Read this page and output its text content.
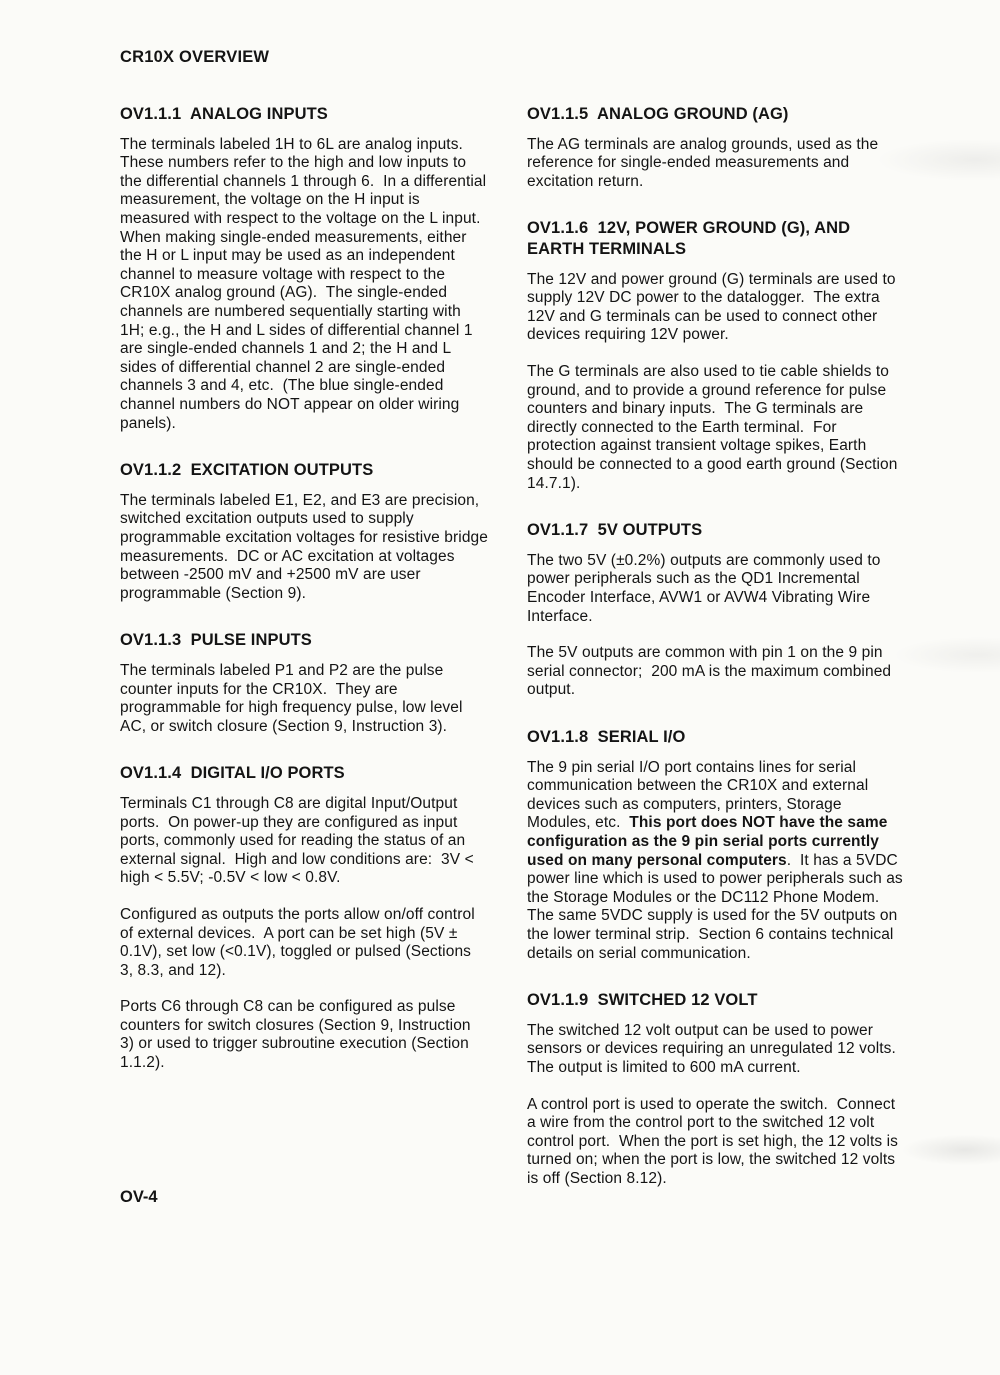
CR10X OVERVIEW
OV1.1.1  ANALOG INPUTS

The terminals labeled 1H to 6L are analog inputs.  These numbers refer to the high and low inputs to the differential channels 1 through 6.  In a differential measurement, the voltage on the H input is measured with respect to the voltage on the L input.  When making single-ended measurements, either the H or L input may be used as an independent channel to measure voltage with respect to the CR10X analog ground (AG).  The single-ended channels are numbered sequentially starting with 1H; e.g., the H and L sides of differential channel 1 are single-ended channels 1 and 2; the H and L sides of differential channel 2 are single-ended channels 3 and 4, etc.  (The blue single-ended channel numbers do NOT appear on older wiring panels).

OV1.1.2  EXCITATION OUTPUTS

The terminals labeled E1, E2, and E3 are precision, switched excitation outputs used to supply programmable excitation voltages for resistive bridge measurements.  DC or AC excitation at voltages between -2500 mV and +2500 mV are user programmable (Section 9).

OV1.1.3  PULSE INPUTS

The terminals labeled P1 and P2 are the pulse counter inputs for the CR10X.  They are programmable for high frequency pulse, low level AC, or switch closure (Section 9, Instruction 3).

OV1.1.4  DIGITAL I/O PORTS

Terminals C1 through C8 are digital Input/Output ports.  On power-up they are configured as input ports, commonly used for reading the status of an external signal.  High and low conditions are:  3V < high < 5.5V; -0.5V < low < 0.8V.

Configured as outputs the ports allow on/off control of external devices.  A port can be set high (5V ± 0.1V), set low (<0.1V), toggled or pulsed (Sections 3, 8.3, and 12).

Ports C6 through C8 can be configured as pulse counters for switch closures (Section 9, Instruction 3) or used to trigger subroutine execution (Section 1.1.2).

OV1.1.5  ANALOG GROUND (AG)

The AG terminals are analog grounds, used as the reference for single-ended measurements and excitation return.

OV1.1.6  12V, POWER GROUND (G), AND EARTH TERMINALS

The 12V and power ground (G) terminals are used to supply 12V DC power to the datalogger.  The extra 12V and G terminals can be used to connect other devices requiring 12V power.

The G terminals are also used to tie cable shields to ground, and to provide a ground reference for pulse counters and binary inputs.  The G terminals are directly connected to the Earth terminal.  For protection against transient voltage spikes, Earth should be connected to a good earth ground (Section 14.7.1).

OV1.1.7  5V OUTPUTS

The two 5V (±0.2%) outputs are commonly used to power peripherals such as the QD1 Incremental Encoder Interface, AVW1 or AVW4 Vibrating Wire Interface.

The 5V outputs are common with pin 1 on the 9 pin serial connector;  200 mA is the maximum combined output.

OV1.1.8  SERIAL I/O

The 9 pin serial I/O port contains lines for serial communication between the CR10X and external devices such as computers, printers, Storage Modules, etc.  This port does NOT have the same configuration as the 9 pin serial ports currently used on many personal computers.  It has a 5VDC power line which is used to power peripherals such as the Storage Modules or the DC112 Phone Modem.  The same 5VDC supply is used for the 5V outputs on the lower terminal strip.  Section 6 contains technical details on serial communication.

OV1.1.9  SWITCHED 12 VOLT

The switched 12 volt output can be used to power sensors or devices requiring an unregulated 12 volts.  The output is limited to 600 mA current.

A control port is used to operate the switch.  Connect a wire from the control port to the switched 12 volt control port.  When the port is set high, the 12 volts is turned on; when the port is low, the switched 12 volts is off (Section 8.12).

OV-4
